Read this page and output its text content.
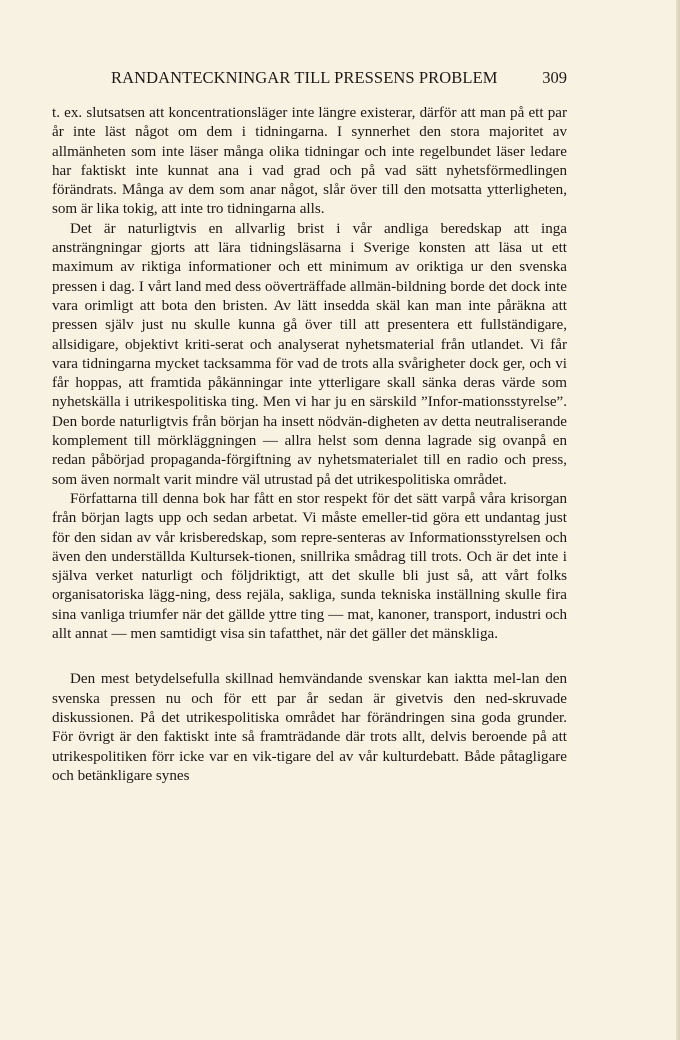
RANDANTECKNINGAR TILL PRESSENS PROBLEM	309

t. ex. slutsatsen att koncentrationsläger inte längre existerar, därför att man på ett par år inte läst något om dem i tidningarna. I synnerhet den stora majoritet av allmänheten som inte läser många olika tidningar och inte regelbundet läser ledare har faktiskt inte kunnat ana i vad grad och på vad sätt nyhetsförmedlingen förändrats. Många av dem som anar något, slår över till den motsatta ytterligheten, som är lika tokig, att inte tro tidningarna alls.

Det är naturligtvis en allvarlig brist i vår andliga beredskap att inga ansträngningar gjorts att lära tidningsläsarna i Sverige konsten att läsa ut ett maximum av riktiga informationer och ett minimum av oriktiga ur den svenska pressen i dag. I vårt land med dess oöverträffade allmän-bildning borde det dock inte vara orimligt att bota den bristen. Av lätt insedda skäl kan man inte påräkna att pressen själv just nu skulle kunna gå över till att presentera ett fullständigare, allsidigare, objektivt kriti-serat och analyserat nyhetsmaterial från utlandet. Vi får vara tidningarna mycket tacksamma för vad de trots alla svårigheter dock ger, och vi får hoppas, att framtida påkänningar inte ytterligare skall sänka deras värde som nyhetskälla i utrikespolitiska ting. Men vi har ju en särskild ”Infor-mationsstyrelse”. Den borde naturligtvis från början ha insett nödvän-digheten av detta neutraliserande komplement till mörkläggningen — allra helst som denna lagrade sig ovanpå en redan påbörjad propaganda-förgiftning av nyhetsmaterialet till en radio och press, som även normalt varit mindre väl utrustad på det utrikespolitiska området.

Författarna till denna bok har fått en stor respekt för det sätt varpå våra krisorgan från början lagts upp och sedan arbetat. Vi måste emeller-tid göra ett undantag just för den sidan av vår krisberedskap, som repre-senteras av Informationsstyrelsen och även den underställda Kultursek-tionen, snillrika smådrag till trots. Och är det inte i själva verket naturligt och följdriktigt, att det skulle bli just så, att vårt folks organisatoriska lägg-ning, dess rejäla, sakliga, sunda tekniska inställning skulle fira sina vanliga triumfer när det gällde yttre ting — mat, kanoner, transport, industri och allt annat — men samtidigt visa sin tafatthet, när det gäller det mänskliga.

Den mest betydelsefulla skillnad hemvändande svenskar kan iaktta mel-lan den svenska pressen nu och för ett par år sedan är givetvis den ned-skruvade diskussionen. På det utrikespolitiska området har förändringen sina goda grunder. För övrigt är den faktiskt inte så framträdande där trots allt, delvis beroende på att utrikespolitiken förr icke var en vik-tigare del av vår kulturdebatt. Både påtagligare och betänkligare synes
